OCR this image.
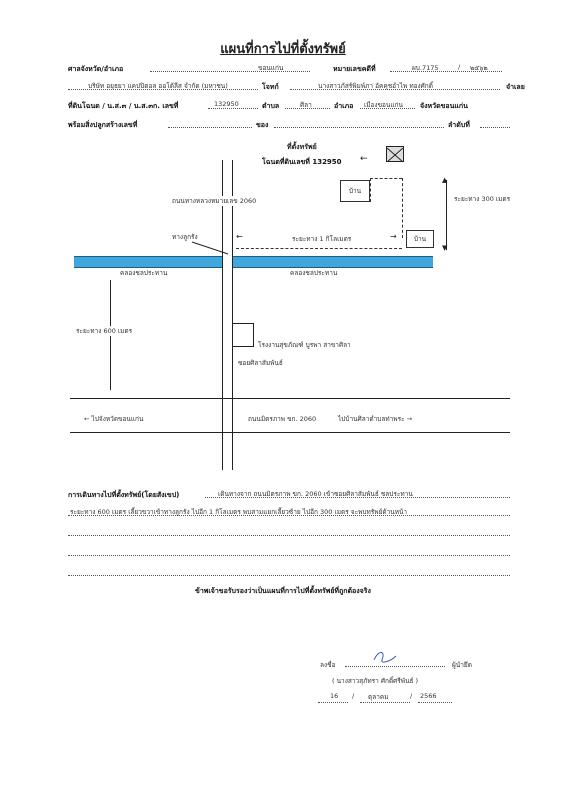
แผนที่การไปที่ตั้งทรัพย์
ศาลจังหวัด/อำเภอ	ขอนแก่น	หมายเลขคดีที่	ผบ.7175	/ ๒๕๖๒
บริษัท อยุธยา แคปปิตอล ออโต้ลีส จำกัด (มหาชน)	โจทก์	นางสาวภัสร์พิมพ์ภา อัคคุชอำไพ ทองศักดิ์	จำเลย
ที่ดินโฉนด / น.ส.๓ / น.ส.๓ก. เลขที่	132950	ตำบล	ศิลา	อำเภอ เมืองขอนแก่น จังหวัดขอนแก่น
พร้อมสิ่งปลูกสร้างเลขที่	ของ	ลำดับที่
ที่ตั้งทรัพย์
โฉนดที่ดินเลขที่ 132950 ←
บ้าน
บ้าน
▲
▼
ระยะทาง 300 เมตร
ถนนทางหลวงหมายเลข 2060
ระยะทาง 1 กิโลเมตร
←	→
ทางลูกรัง
คลองชลประทาน	คลองชลประทาน
ระยะทาง 600 เมตร
โรงงานสุขภัณฑ์ บูรพา สาขาศิลา
ซอยศิลาสัมพันธ์
← ไปจังหวัดขอนแก่น	ถนนมิตรภาพ ขก. 2060	ไปบ้านศิลาตำบลท่าพระ →
การเดินทางไปที่ตั้งทรัพย์(โดยสังเขป)	เดินทางจาก ถนนมิตรภาพ ขก. 2060 เข้าซอยศิลาสัมพันธ์ ชลประทาน
ระยะทาง 600 เมตร เลี้ยวขวาเข้าทางลูกรัง ไปอีก 1 กิโลเมตร พบสามแยกเลี้ยวซ้าย ไปอีก 300 เมตร จะพบทรัพย์ด้านหน้า
ข้าพเจ้าขอรับรองว่าเป็นแผนที่การไปที่ตั้งทรัพย์ที่ถูกต้องจริง
ลงชื่อ	ผู้นำยึด
( นางสาวสุภัทรา ศักดิ์ศรีพันธ์ )
16 / ตุลาคม	/ 2566
